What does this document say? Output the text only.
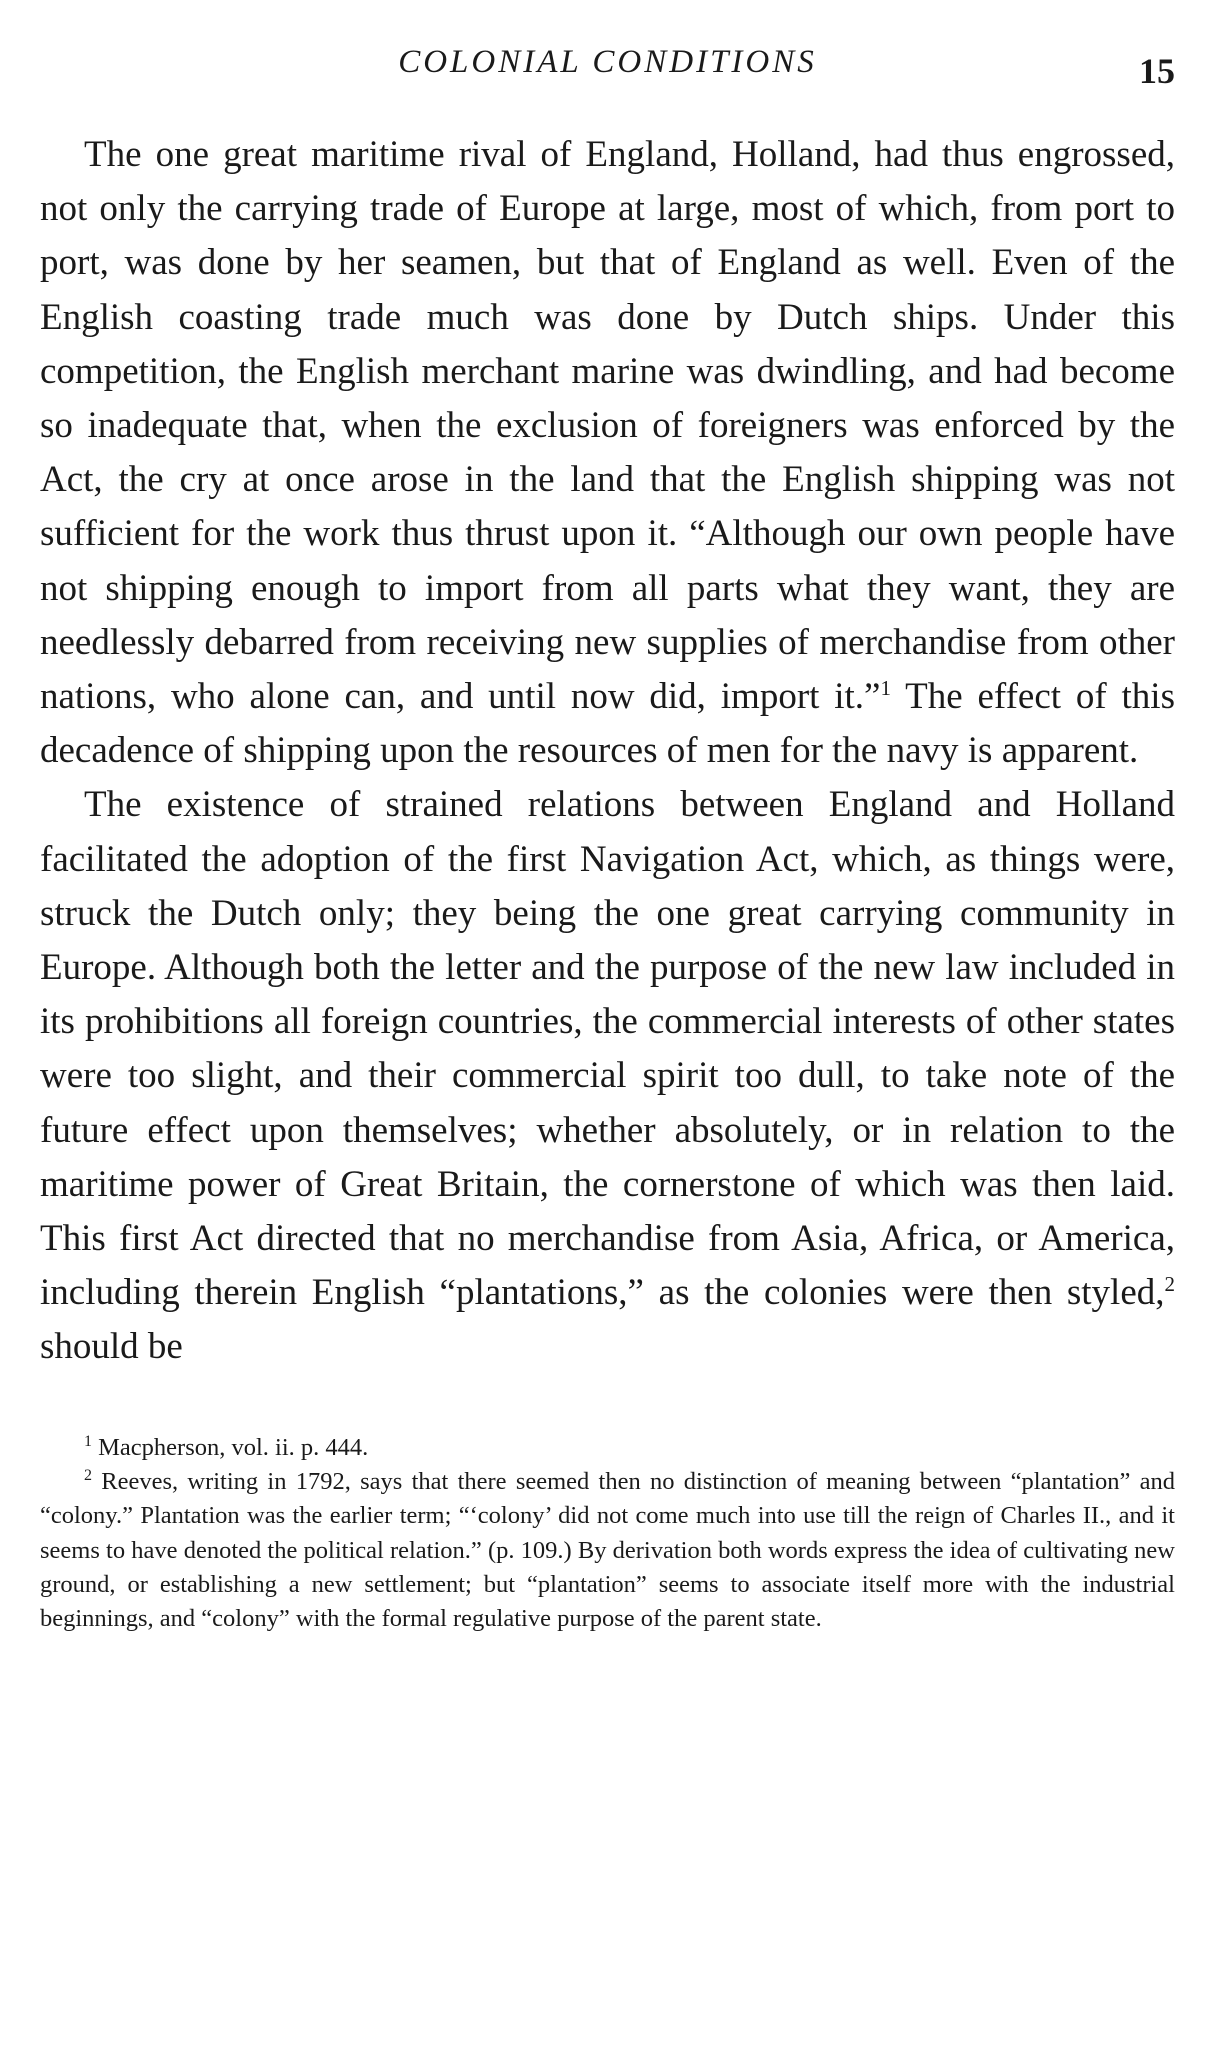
COLONIAL CONDITIONS	15

The one great maritime rival of England, Holland, had thus engrossed, not only the carrying trade of Europe at large, most of which, from port to port, was done by her seamen, but that of England as well. Even of the English coasting trade much was done by Dutch ships. Under this competition, the English merchant marine was dwindling, and had become so inadequate that, when the exclusion of foreigners was enforced by the Act, the cry at once arose in the land that the English shipping was not sufficient for the work thus thrust upon it. “Although our own people have not shipping enough to import from all parts what they want, they are needlessly debarred from receiving new supplies of merchandise from other nations, who alone can, and until now did, import it.”$^1$ The effect of this decadence of shipping upon the resources of men for the navy is apparent.

The existence of strained relations between England and Holland facilitated the adoption of the first Navigation Act, which, as things were, struck the Dutch only; they being the one great carrying community in Europe. Although both the letter and the purpose of the new law included in its prohibitions all foreign countries, the commercial interests of other states were too slight, and their commercial spirit too dull, to take note of the future effect upon themselves; whether absolutely, or in relation to the maritime power of Great Britain, the cornerstone of which was then laid. This first Act directed that no merchandise from Asia, Africa, or America, including therein English “plantations,” as the colonies were then styled,$^2$ should be

$^1$ Macpherson, vol. ii. p. 444.

$^2$ Reeves, writing in 1792, says that there seemed then no distinction of meaning between “plantation” and “colony.” Plantation was the earlier term; “‘colony’ did not come much into use till the reign of Charles II., and it seems to have denoted the political relation.” (p. 109.) By derivation both words express the idea of cultivating new ground, or establishing a new settlement; but “plantation” seems to associate itself more with the industrial beginnings, and “colony” with the formal regulative purpose of the parent state.
